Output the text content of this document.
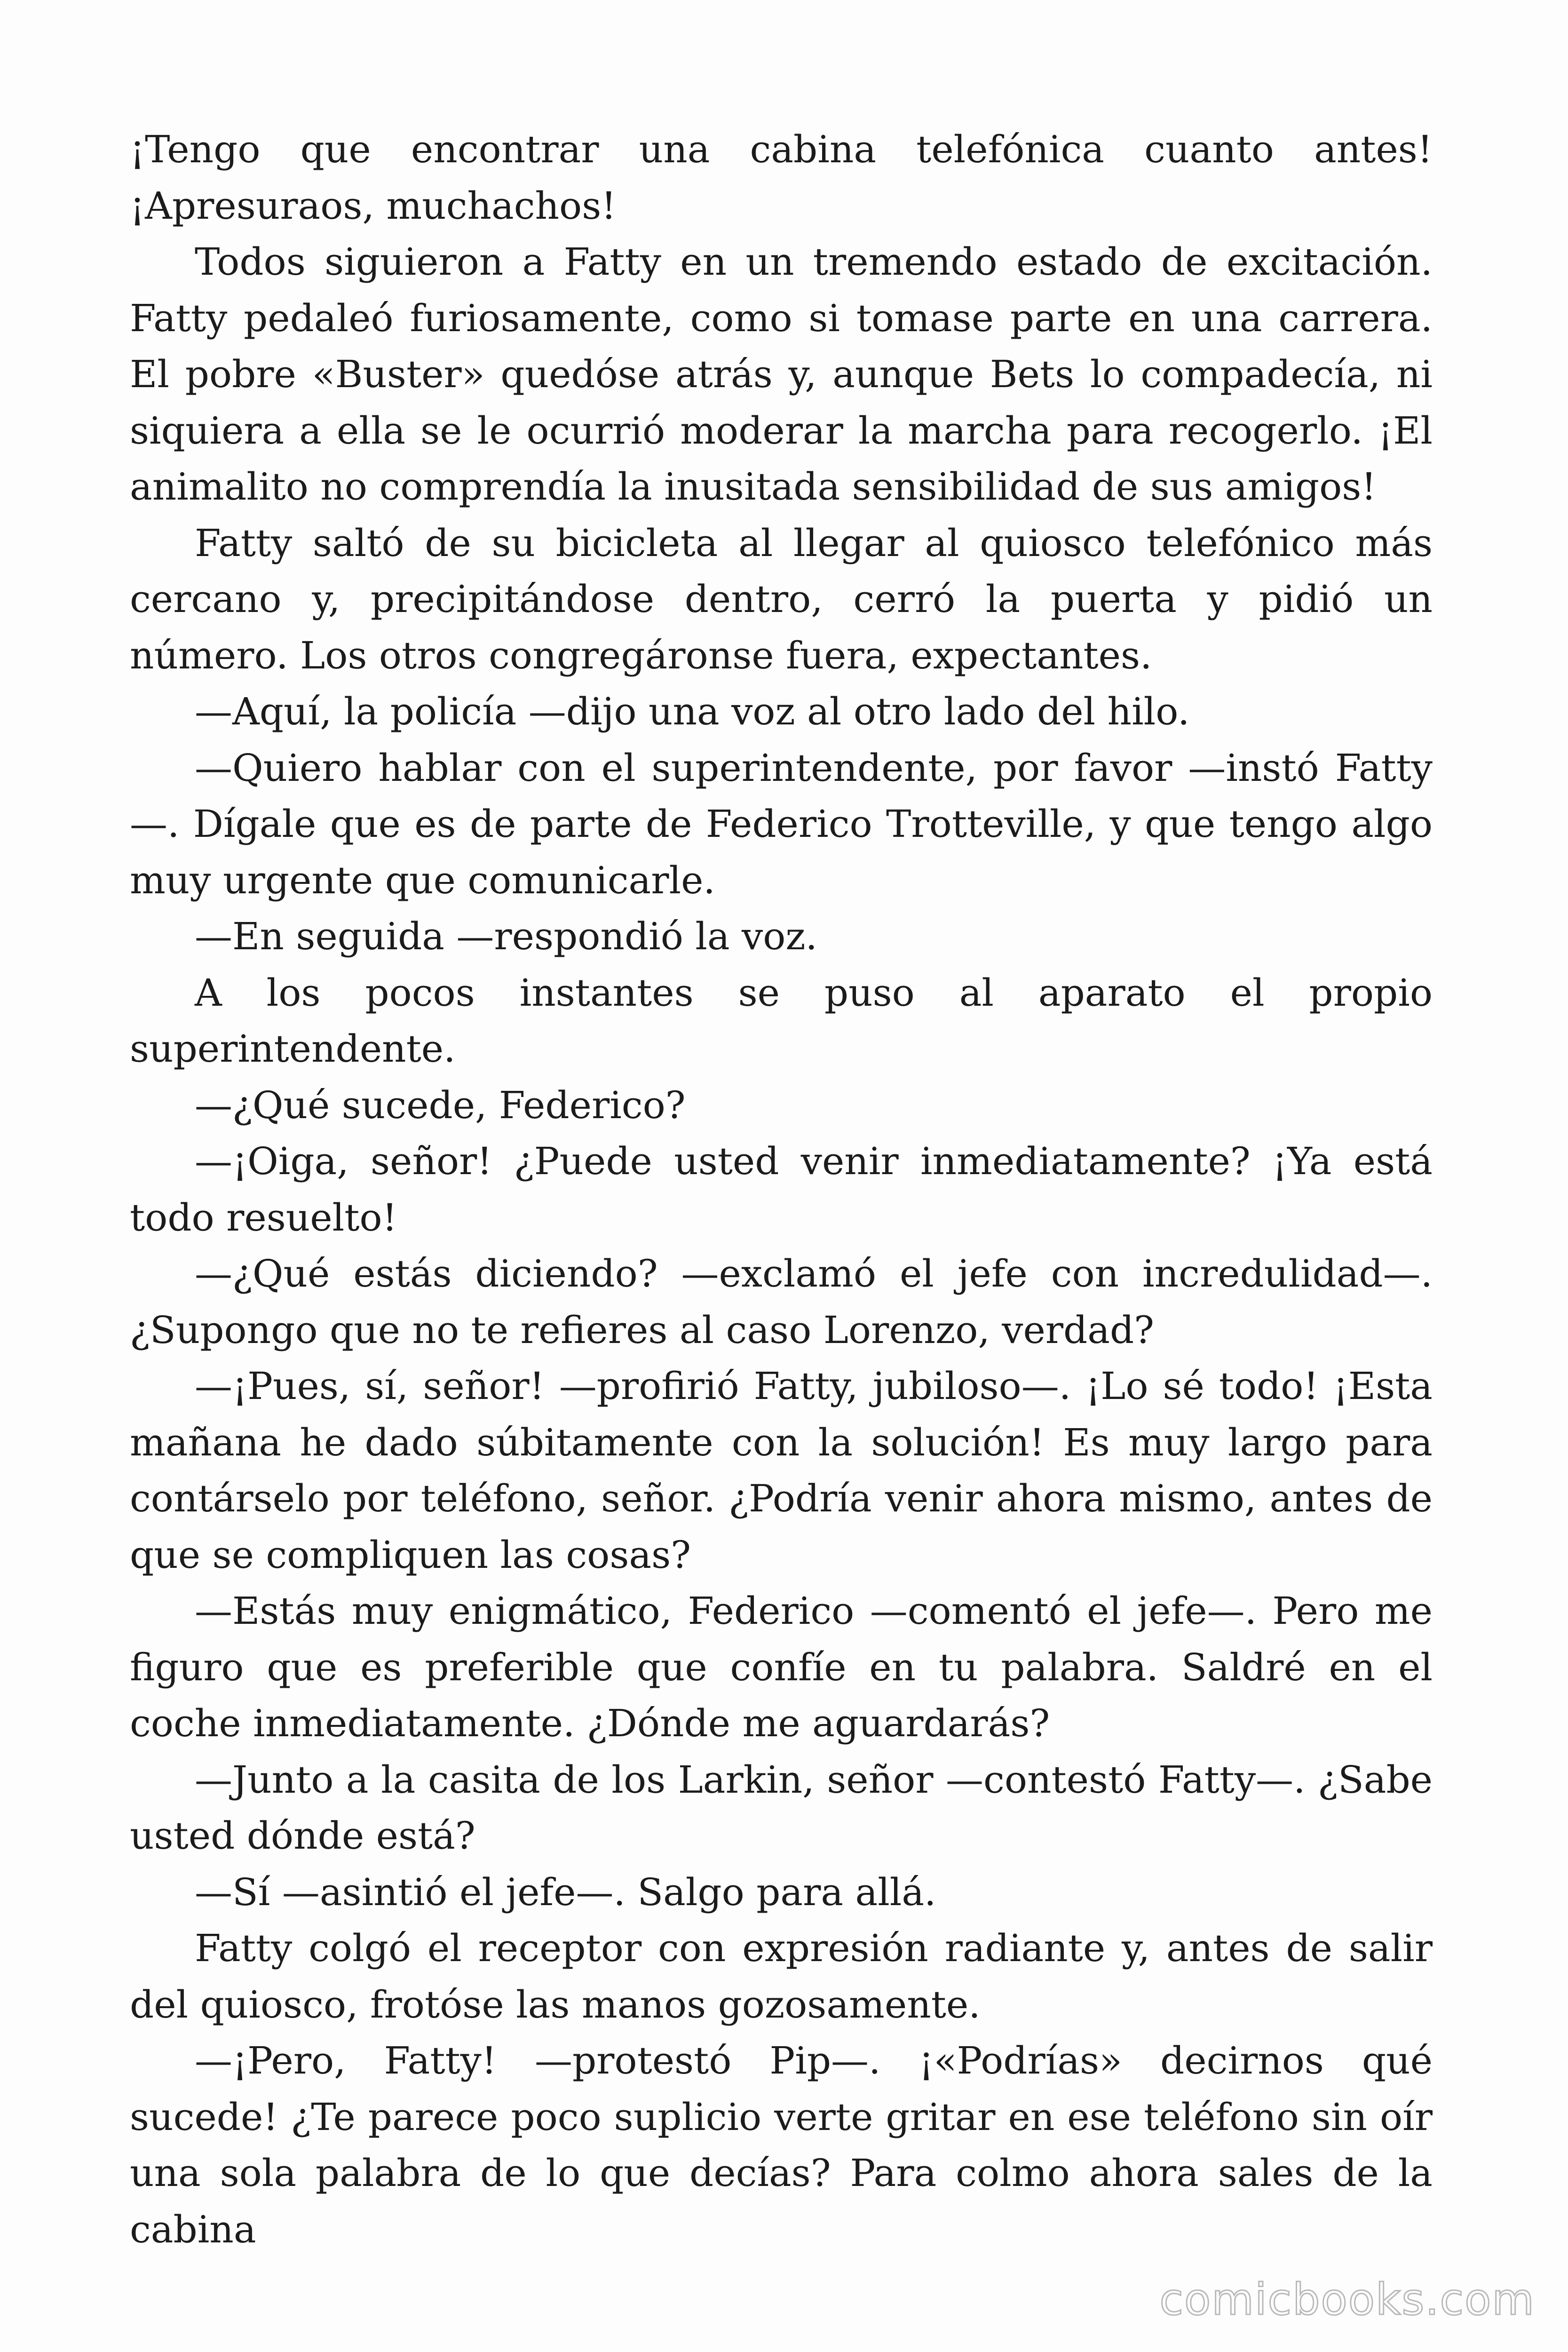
¡Tengo que encontrar una cabina telefónica cuanto antes! ¡Apresuraos, muchachos!

Todos siguieron a Fatty en un tremendo estado de excitación. Fatty pedaleó furiosamente, como si tomase parte en una carrera. El pobre «Buster» quedóse atrás y, aunque Bets lo compadecía, ni siquiera a ella se le ocurrió moderar la marcha para recogerlo. ¡El animalito no comprendía la inusitada sensibilidad de sus amigos!

Fatty saltó de su bicicleta al llegar al quiosco telefónico más cercano y, precipitándose dentro, cerró la puerta y pidió un número. Los otros congregáronse fuera, expectantes.

—Aquí, la policía —dijo una voz al otro lado del hilo.

—Quiero hablar con el superintendente, por favor —instó Fatty —. Dígale que es de parte de Federico Trotteville, y que tengo algo muy urgente que comunicarle.

—En seguida —respondió la voz.

A los pocos instantes se puso al aparato el propio superintendente.

—¿Qué sucede, Federico?

—¡Oiga, señor! ¿Puede usted venir inmediatamente? ¡Ya está todo resuelto!

—¿Qué estás diciendo? —exclamó el jefe con incredulidad—. ¿Supongo que no te refieres al caso Lorenzo, verdad?

—¡Pues, sí, señor! —profirió Fatty, jubiloso—. ¡Lo sé todo! ¡Esta mañana he dado súbitamente con la solución! Es muy largo para contárselo por teléfono, señor. ¿Podría venir ahora mismo, antes de que se compliquen las cosas?

—Estás muy enigmático, Federico —comentó el jefe—. Pero me figuro que es preferible que confíe en tu palabra. Saldré en el coche inmediatamente. ¿Dónde me aguardarás?

—Junto a la casita de los Larkin, señor —contestó Fatty—. ¿Sabe usted dónde está?

—Sí —asintió el jefe—. Salgo para allá.

Fatty colgó el receptor con expresión radiante y, antes de salir del quiosco, frotóse las manos gozosamente.

—¡Pero, Fatty! —protestó Pip—. ¡«Podrías» decirnos qué sucede! ¿Te parece poco suplicio verte gritar en ese teléfono sin oír una sola palabra de lo que decías? Para colmo ahora sales de la cabina

comicbooks.com
